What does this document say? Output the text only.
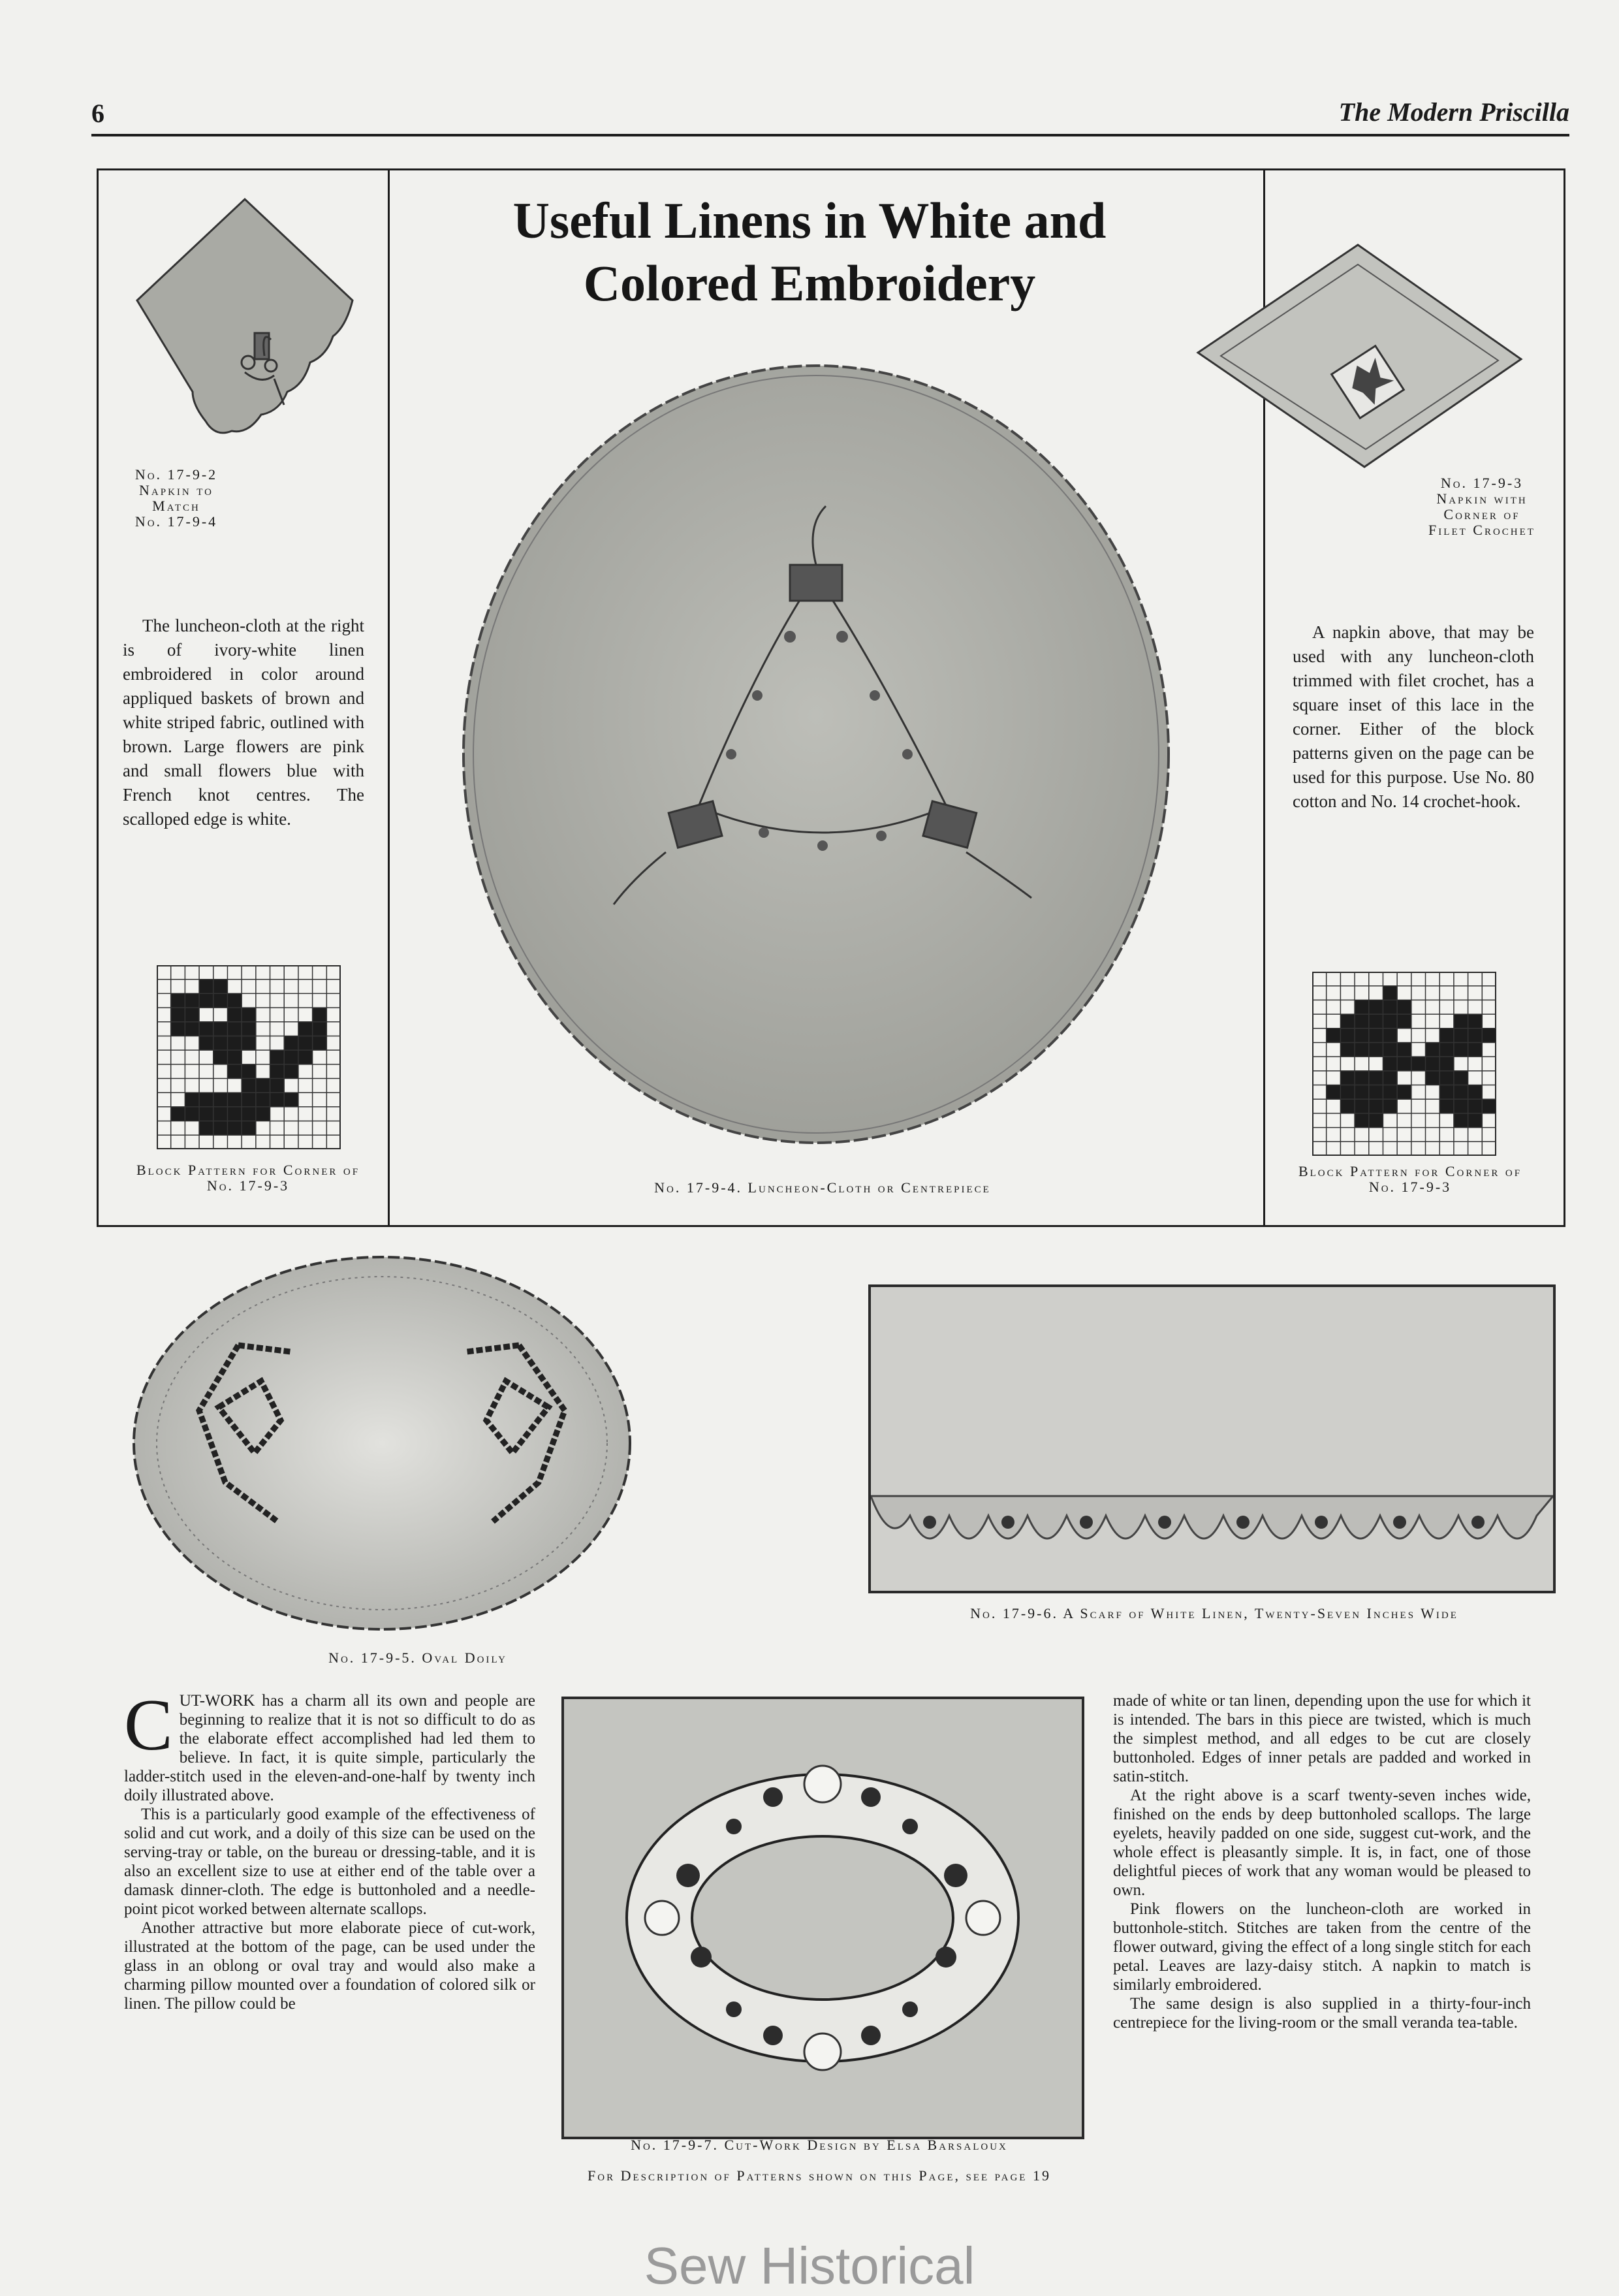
6	The Modern Priscilla
Useful Linens in White and
Colored Embroidery
No. 17-9-2
Napkin to
Match
No. 17-9-4
No. 17-9-3
Napkin with
Corner of
Filet Crochet
The luncheon-cloth at the right is of ivory-white linen embroidered in color around appliqued baskets of brown and white striped fabric, outlined with brown. Large flowers are pink and small flowers blue with French knot centres. The scalloped edge is white.
A napkin above, that may be used with any luncheon-cloth trimmed with filet crochet, has a square inset of this lace in the corner. Either of the block patterns given on the page can be used for this purpose. Use No. 80 cotton and No. 14 crochet-hook.
No. 17-9-4. Luncheon-Cloth or Centrepiece
Block Pattern for Corner of
No. 17-9-3
Block Pattern for Corner of
No. 17-9-3
No. 17-9-5. Oval Doily
No. 17-9-6. A Scarf of White Linen, Twenty-Seven Inches Wide

CUT-WORK has a charm all its own and people are beginning to realize that it is not so difficult to do as the elaborate effect accomplished had led them to believe. In fact, it is quite simple, particularly the ladder-stitch used in the eleven-and-one-half by twenty inch doily illustrated above.

This is a particularly good example of the effectiveness of solid and cut work, and a doily of this size can be used on the serving-tray or table, on the bureau or dressing-table, and it is also an excellent size to use at either end of the table over a damask dinner-cloth. The edge is buttonholed and a needle-point picot worked between alternate scallops.

Another attractive but more elaborate piece of cut-work, illustrated at the bottom of the page, can be used under the glass in an oblong or oval tray and would also make a charming pillow mounted over a foundation of colored silk or linen. The pillow could be

No. 17-9-7. Cut-Work Design by Elsa Barsaloux

made of white or tan linen, depending upon the use for which it is intended. The bars in this piece are twisted, which is much the simplest method, and all edges to be cut are closely buttonholed. Edges of inner petals are padded and worked in satin-stitch.

At the right above is a scarf twenty-seven inches wide, finished on the ends by deep buttonholed scallops. The large eyelets, heavily padded on one side, suggest cut-work, and the whole effect is pleasantly simple. It is, in fact, one of those delightful pieces of work that any woman would be pleased to own.

Pink flowers on the luncheon-cloth are worked in buttonhole-stitch. Stitches are taken from the centre of the flower outward, giving the effect of a long single stitch for each petal. Leaves are lazy-daisy stitch. A napkin to match is similarly embroidered.

The same design is also supplied in a thirty-four-inch centrepiece for the living-room or the small veranda tea-table.

For Description of Patterns shown on this Page, see page 19
Sew Historical
